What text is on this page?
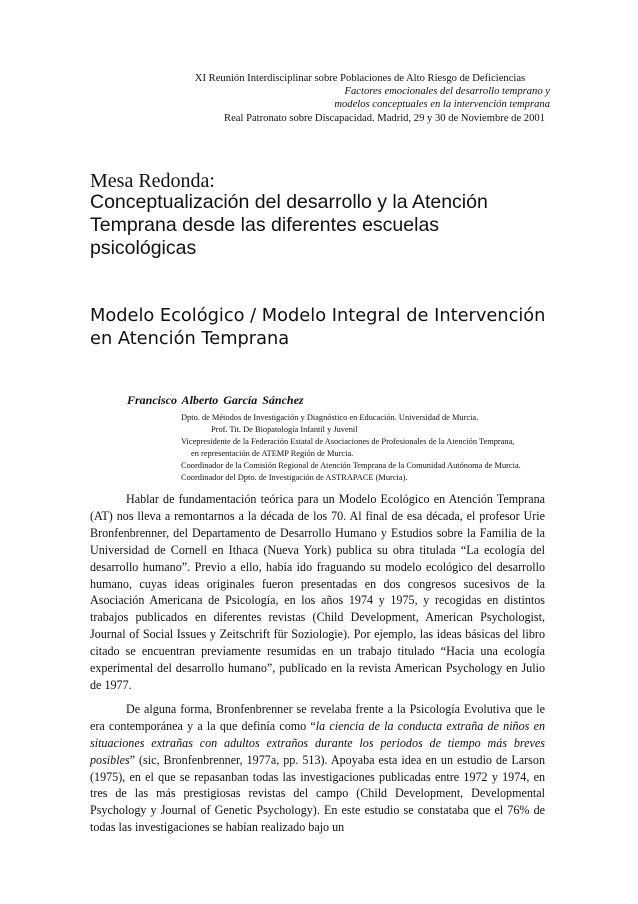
XI Reunión Interdisciplinar sobre Poblaciones de Alto Riesgo de Deficiencias
Factores emocionales del desarrollo temprano y
modelos conceptuales en la intervención temprana
Real Patronato sobre Discapacidad. Madrid, 29 y 30 de Noviembre de 2001
Mesa Redonda:
Conceptualización del desarrollo y la Atención Temprana desde las diferentes escuelas psicológicas
Modelo Ecológico / Modelo Integral de Intervención en Atención Temprana
Francisco Alberto García Sánchez
Dpto. de Métodos de Investigación y Diagnóstico en Educación. Universidad de Murcia.
Prof. Tit. De Biopatología Infantil y Juvenil
Vicepresidente de la Federación Estatal de Asociaciones de Profesionales de la Atención Temprana,
en representación de ATEMP Región de Murcia.
Coordinador de la Comisión Regional de Atención Temprana de la Comunidad Autónoma de Murcia.
Coordinador del Dpto. de Investigación de ASTRAPACE (Murcia).

Hablar de fundamentación teórica para un Modelo Ecológico en Atención Temprana (AT) nos lleva a remontarnos a la década de los 70. Al final de esa década, el profesor Urie Bronfenbrenner, del Departamento de Desarrollo Humano y Estudios sobre la Familia de la Universidad de Cornell en Ithaca (Nueva York) publica su obra titulada “La ecología del desarrollo humano”. Previo a ello, había ido fraguando su modelo ecológico del desarrollo humano, cuyas ideas originales fueron presentadas en dos congresos sucesivos de la Asociación Americana de Psicología, en los años 1974 y 1975, y recogidas en distintos trabajos publicados en diferentes revistas (Child Development, American Psychologist, Journal of Social Issues y Zeitschrift für Soziologie). Por ejemplo, las ideas básicas del libro citado se encuentran previamente resumidas en un trabajo titulado “Hacia una ecología experimental del desarrollo humano”, publicado en la revista American Psychology en Julio de 1977.

De alguna forma, Bronfenbrenner se revelaba frente a la Psicología Evolutiva que le era contemporánea y a la que definía como “la ciencia de la conducta extraña de niños en situaciones extrañas con adultos extraños durante los periodos de tiempo más breves posibles” (sic, Bronfenbrenner, 1977a, pp. 513). Apoyaba esta idea en un estudio de Larson (1975), en el que se repasanban todas las investigaciones publicadas entre 1972 y 1974, en tres de las más prestigiosas revistas del campo (Child Development, Developmental Psychology y Journal of Genetic Psychology). En este estudio se constataba que el 76% de todas las investigaciones se habían realizado bajo un
